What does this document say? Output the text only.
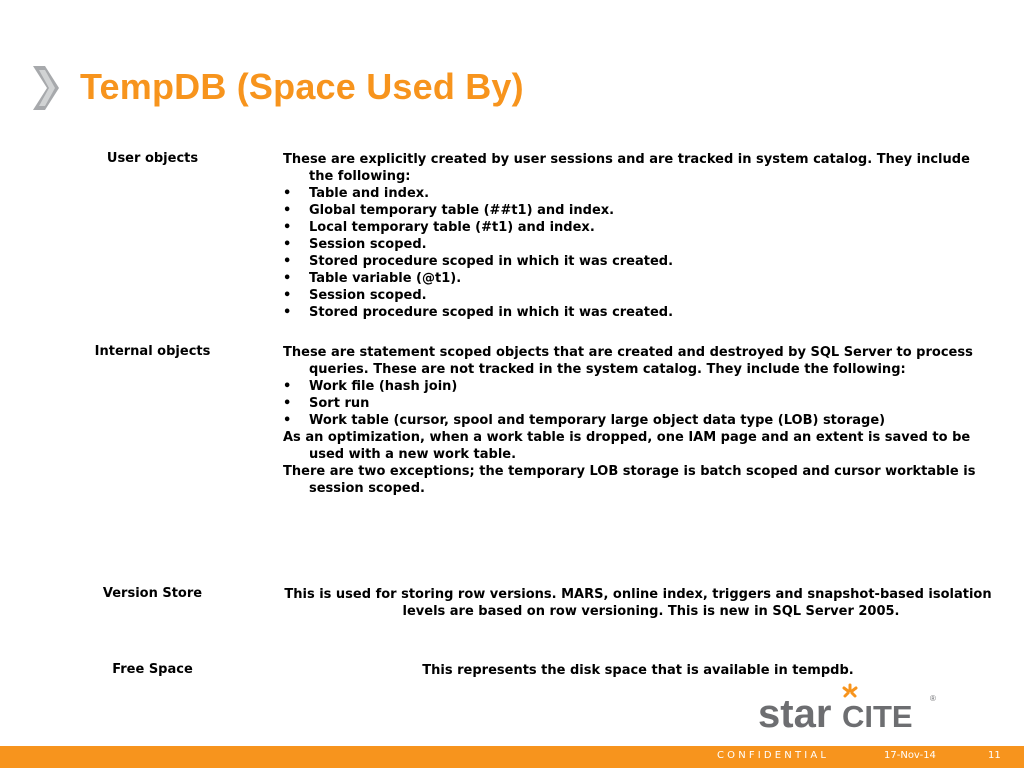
TempDB (Space Used By)
User objects	These are explicitly created by user sessions and are tracked in system catalog. They include the following:

•	Table and index.
•	Global temporary table (##t1) and index.
•	Local temporary table (#t1) and index.
•	Session scoped.
•	Stored procedure scoped in which it was created.
•	Table variable (@t1).
•	Session scoped.
•	Stored procedure scoped in which it was created.
Internal objects	These are statement scoped objects that are created and destroyed by SQL Server to process queries. These are not tracked in the system catalog. They include the following:

•	Work file (hash join)
•	Sort run
•	Work table (cursor, spool and temporary large object data type (LOB) storage)

As an optimization, when a work table is dropped, one IAM page and an extent is saved to be used with a new work table.

There are two exceptions; the temporary LOB storage is batch scoped and cursor worktable is session scoped.

Version Store	This is used for storing row versions. MARS, online index, triggers and snapshot-based isolation levels are based on row versioning. This is new in SQL Server 2005.

Free Space	This represents the disk space that is available in tempdb.

star CITE
®
C O N F I D E N T I A L	17-Nov-14	11
